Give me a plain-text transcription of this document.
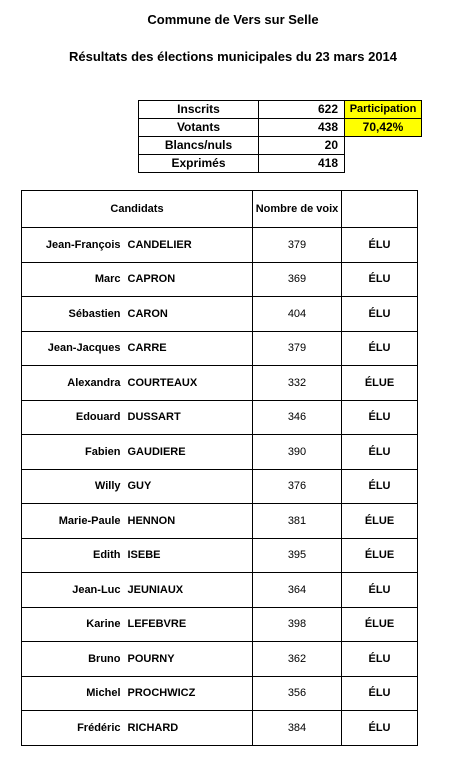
Commune de Vers sur Selle
Résultats des élections municipales du 23 mars 2014
Inscrits	622	Participation
Votants	438	70,42%
Blancs/nuls	20	
Exprimés	418	
Candidats		Nombre de voix	
Jean-François	CANDELIER	379	ÉLU
Marc	CAPRON	369	ÉLU
Sébastien	CARON	404	ÉLU
Jean-Jacques	CARRE	379	ÉLU
Alexandra	COURTEAUX	332	ÉLUE
Edouard	DUSSART	346	ÉLU
Fabien	GAUDIERE	390	ÉLU
Willy	GUY	376	ÉLU
Marie-Paule	HENNON	381	ÉLUE
Edith	ISEBE	395	ÉLUE
Jean-Luc	JEUNIAUX	364	ÉLU
Karine	LEFEBVRE	398	ÉLUE
Bruno	POURNY	362	ÉLU
Michel	PROCHWICZ	356	ÉLU
Frédéric	RICHARD	384	ÉLU
